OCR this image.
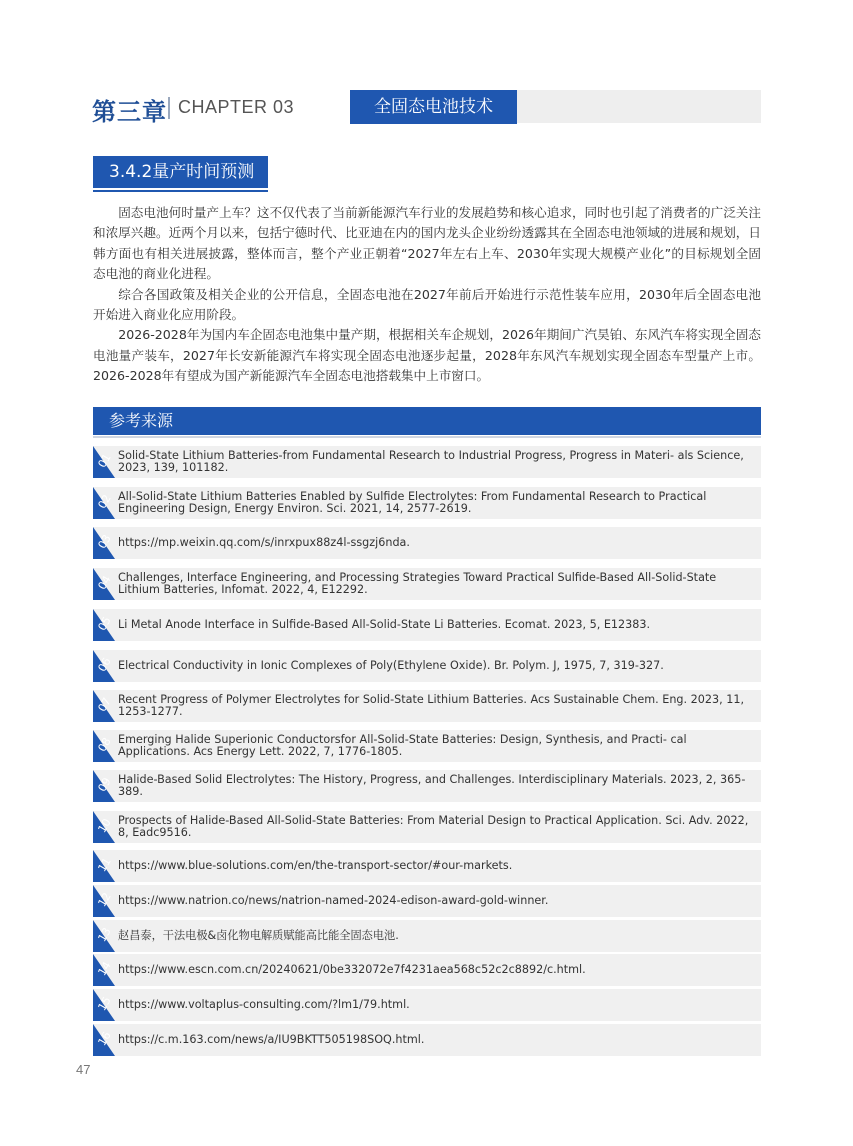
第三章 CHAPTER 03	全固态电池技术
3.4.2量产时间预测

固态电池何时量产上车？这不仅代表了当前新能源汽车行业的发展趋势和核心追求，同时也引起了消费者的广泛关注和浓厚兴趣。近两个月以来，包括宁德时代、比亚迪在内的国内龙头企业纷纷透露其在全固态电池领域的进展和规划，日韩方面也有相关进展披露，整体而言，整个产业正朝着“2027年左右上车、2030年实现大规模产业化”的目标规划全固态电池的商业化进程。

综合各国政策及相关企业的公开信息，全固态电池在2027年前后开始进行示范性装车应用，2030年后全固态电池开始进入商业化应用阶段。

2026-2028年为国内车企固态电池集中量产期，根据相关车企规划，2026年期间广汽昊铂、东风汽车将实现全固态电池量产装车，2027年长安新能源汽车将实现全固态电池逐步起量，2028年东风汽车规划实现全固态车型量产上市。2026-2028年有望成为国产新能源汽车全固态电池搭载集中上市窗口。

参考来源
01 Solid-State Lithium Batteries-from Fundamental Research to Industrial Progress, Progress in Materi- als Science, 2023, 139, 101182.
02 All-Solid-State Lithium Batteries Enabled by Sulfide Electrolytes: From Fundamental Research to Practical Engineering Design, Energy Environ. Sci. 2021, 14, 2577-2619.
03 https://mp.weixin.qq.com/s/inrxpux88z4l-ssgzj6nda.
04 Challenges, Interface Engineering, and Processing Strategies Toward Practical Sulfide-Based All-Solid-State Lithium Batteries, Infomat. 2022, 4, E12292.
05 Li Metal Anode Interface in Sulfide-Based All-Solid-State Li Batteries. Ecomat. 2023, 5, E12383.
06 Electrical Conductivity in Ionic Complexes of Poly(Ethylene Oxide). Br. Polym. J, 1975, 7, 319-327.
07 Recent Progress of Polymer Electrolytes for Solid-State Lithium Batteries. Acs Sustainable Chem. Eng. 2023, 11, 1253-1277.
08 Emerging Halide Superionic Conductorsfor All-Solid-State Batteries: Design, Synthesis, and Practi- cal Applications. Acs Energy Lett. 2022, 7, 1776-1805.
09 Halide-Based Solid Electrolytes: The History, Progress, and Challenges. Interdisciplinary Materials. 2023, 2, 365-389.
10 Prospects of Halide-Based All-Solid-State Batteries: From Material Design to Practical Application. Sci. Adv. 2022, 8, Eadc9516.
11 https://www.blue-solutions.com/en/the-transport-sector/#our-markets.
12 https://www.natrion.co/news/natrion-named-2024-edison-award-gold-winner.
13 赵昌泰，干法电极&卤化物电解质赋能高比能全固态电池.
14 https://www.escn.com.cn/20240621/0be332072e7f4231aea568c52c2c8892/c.html.
15 https://www.voltaplus-consulting.com/?lm1/79.html.
16 https://c.m.163.com/news/a/IU9BKTT505198SOQ.html.
47
